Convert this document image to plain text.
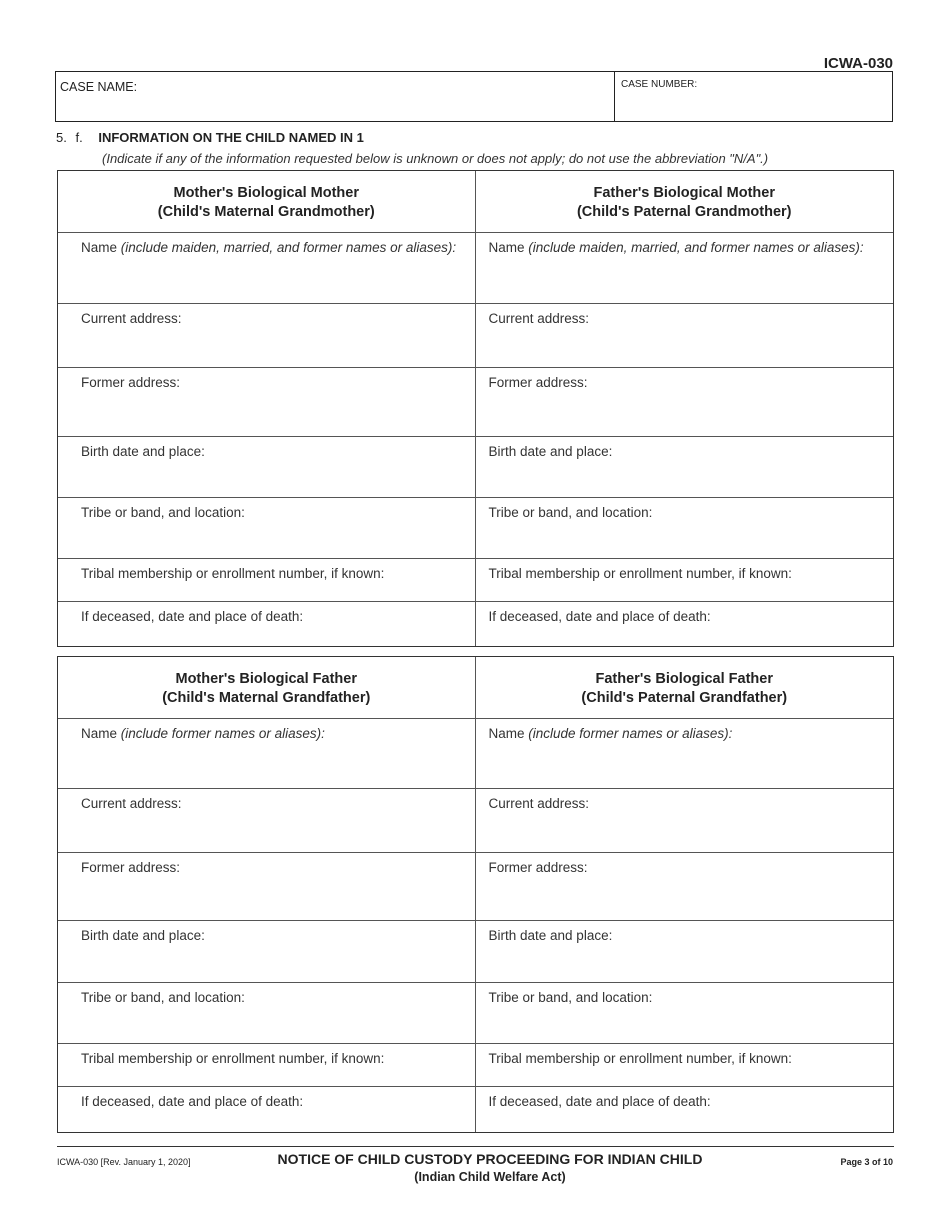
ICWA-030
CASE NAME:	CASE NUMBER:
5. f. INFORMATION ON THE CHILD NAMED IN 1
(Indicate if any of the information requested below is unknown or does not apply; do not use the abbreviation "N/A".)
Mother's Biological Mother
(Child's Maternal Grandmother)
Father's Biological Mother
(Child's Paternal Grandmother)
Name (include maiden, married, and former names or aliases):	Name (include maiden, married, and former names or aliases):
Current address:	Current address:
Former address:	Former address:
Birth date and place:	Birth date and place:
Tribe or band, and location:	Tribe or band, and location:
Tribal membership or enrollment number, if known:	Tribal membership or enrollment number, if known:
If deceased, date and place of death:	If deceased, date and place of death:
Mother's Biological Father
(Child's Maternal Grandfather)
Father's Biological Father
(Child's Paternal Grandfather)
Name (include former names or aliases):	Name (include former names or aliases):
Current address:	Current address:
Former address:	Former address:
Birth date and place:	Birth date and place:
Tribe or band, and location:	Tribe or band, and location:
Tribal membership or enrollment number, if known:	Tribal membership or enrollment number, if known:
If deceased, date and place of death:	If deceased, date and place of death:
ICWA-030 [Rev. January 1, 2020]	NOTICE OF CHILD CUSTODY PROCEEDING FOR INDIAN CHILD
(Indian Child Welfare Act)
Page 3 of 10
